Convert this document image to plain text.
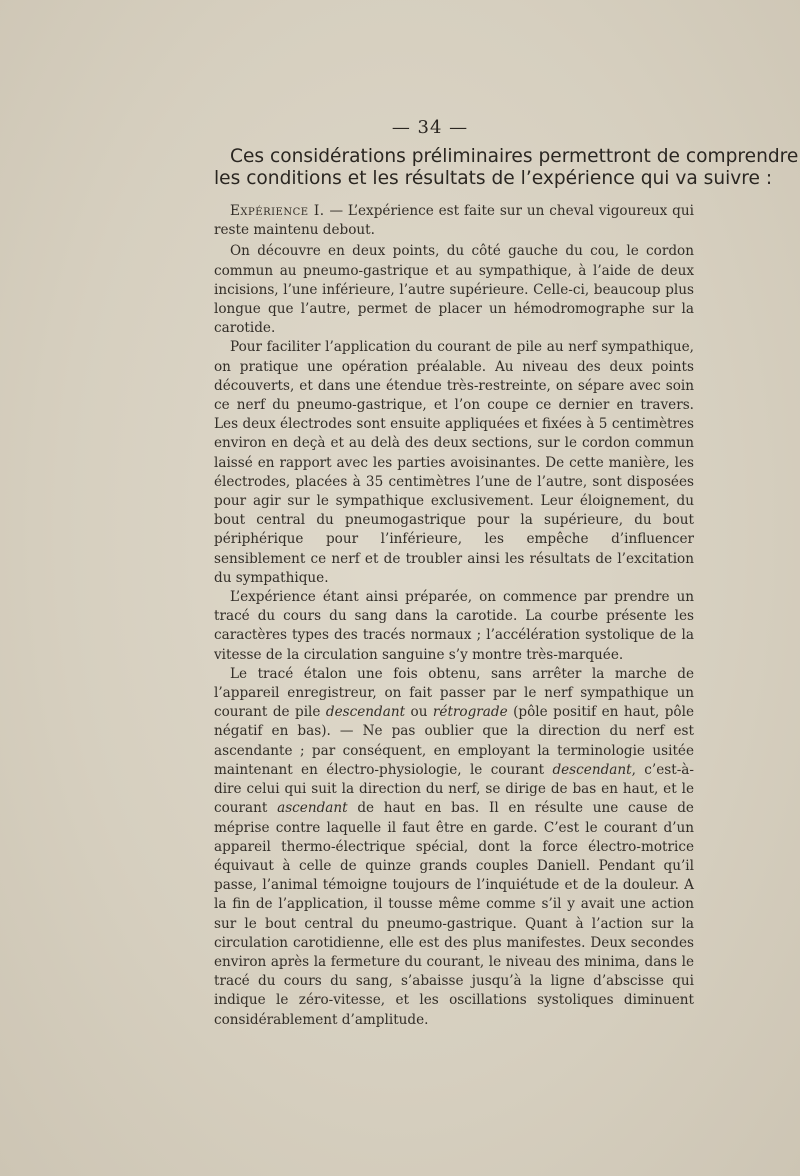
— 34 —
Ces considérations préliminaires permettront de comprendre
les conditions et les résultats de l’expérience qui va suivre :

Expérience I. — L’expérience est faite sur un cheval vigoureux qui reste maintenu debout.

On découvre en deux points, du côté gauche du cou, le cordon commun au pneumo-gastrique et au sympathique, à l’aide de deux incisions, l’une inférieure, l’autre supérieure. Celle-ci, beaucoup plus longue que l’autre, permet de placer un hémodromographe sur la carotide.

Pour faciliter l’application du courant de pile au nerf sympathique, on pratique une opération préalable. Au niveau des deux points découverts, et dans une étendue très-restreinte, on sépare avec soin ce nerf du pneumo-gastrique, et l’on coupe ce dernier en travers. Les deux électrodes sont ensuite appliquées et fixées à 5 centimètres environ en deçà et au delà des deux sections, sur le cordon commun laissé en rapport avec les parties avoisinantes. De cette manière, les électrodes, placées à 35 centimètres l’une de l’autre, sont disposées pour agir sur le sympathique exclusivement. Leur éloignement, du bout central du pneumogastrique pour la supérieure, du bout périphérique pour l’inférieure, les empêche d’influencer sensiblement ce nerf et de troubler ainsi les résultats de l’excitation du sympathique.

L’expérience étant ainsi préparée, on commence par prendre un tracé du cours du sang dans la carotide. La courbe présente les caractères types des tracés normaux ; l’accélération systolique de la vitesse de la circulation sanguine s’y montre très-marquée.

Le tracé étalon une fois obtenu, sans arrêter la marche de l’appareil enregistreur, on fait passer par le nerf sympathique un courant de pile descendant ou rétrograde (pôle positif en haut, pôle négatif en bas). — Ne pas oublier que la direction du nerf est ascendante ; par conséquent, en employant la terminologie usitée maintenant en électro-physiologie, le courant descendant, c’est-à-dire celui qui suit la direction du nerf, se dirige de bas en haut, et le courant ascendant de haut en bas. Il en résulte une cause de méprise contre laquelle il faut être en garde. C’est le courant d’un appareil thermo-électrique spécial, dont la force électro-motrice équivaut à celle de quinze grands couples Daniell. Pendant qu’il passe, l’animal témoigne toujours de l’inquiétude et de la douleur. A la fin de l’application, il tousse même comme s’il y avait une action sur le bout central du pneumo-gastrique. Quant à l’action sur la circulation carotidienne, elle est des plus manifestes. Deux secondes environ après la fermeture du courant, le niveau des minima, dans le tracé du cours du sang, s’abaisse jusqu’à la ligne d’abscisse qui indique le zéro-vitesse, et les oscillations systoliques diminuent considérablement d’amplitude.
